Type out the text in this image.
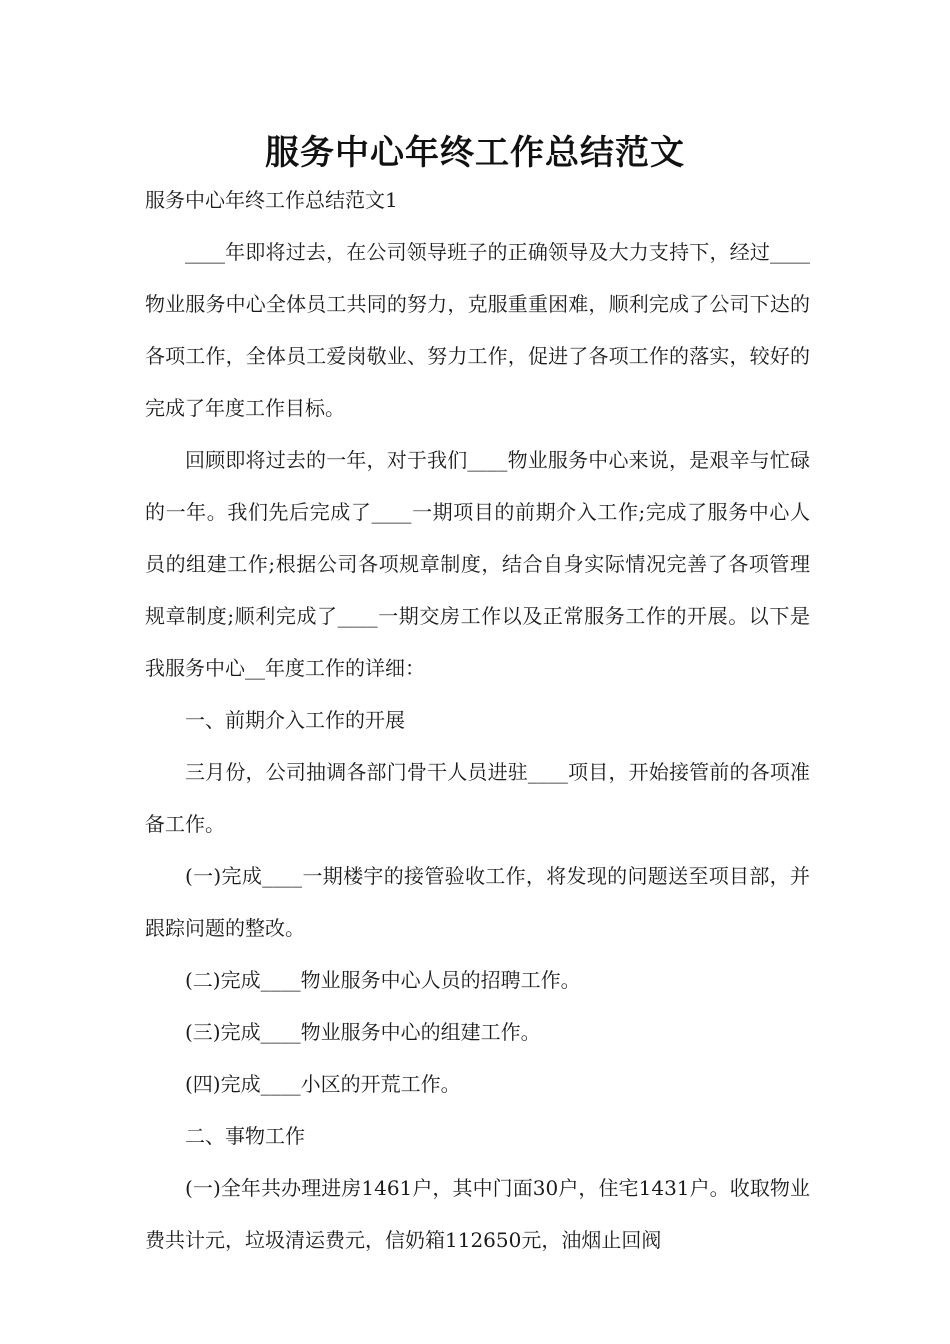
服务中心年终工作总结范文

服务中心年终工作总结范文1

____年即将过去，在公司领导班子的正确领导及大力支持下，经过____物业服务中心全体员工共同的努力，克服重重困难，顺利完成了公司下达的各项工作，全体员工爱岗敬业、努力工作，促进了各项工作的落实，较好的完成了年度工作目标。

回顾即将过去的一年，对于我们____物业服务中心来说，是艰辛与忙碌的一年。我们先后完成了____一期项目的前期介入工作;完成了服务中心人员的组建工作;根据公司各项规章制度，结合自身实际情况完善了各项管理规章制度;顺利完成了____一期交房工作以及正常服务工作的开展。以下是我服务中心__年度工作的详细：

一、前期介入工作的开展

三月份，公司抽调各部门骨干人员进驻____项目，开始接管前的各项准备工作。

(一)完成____一期楼宇的接管验收工作，将发现的问题送至项目部，并跟踪问题的整改。

(二)完成____物业服务中心人员的招聘工作。

(三)完成____物业服务中心的组建工作。

(四)完成____小区的开荒工作。

二、事物工作

(一)全年共办理进房1461户，其中门面30户，住宅1431户。收取物业费共计元，垃圾清运费元，信奶箱112650元，油烟止回阀
